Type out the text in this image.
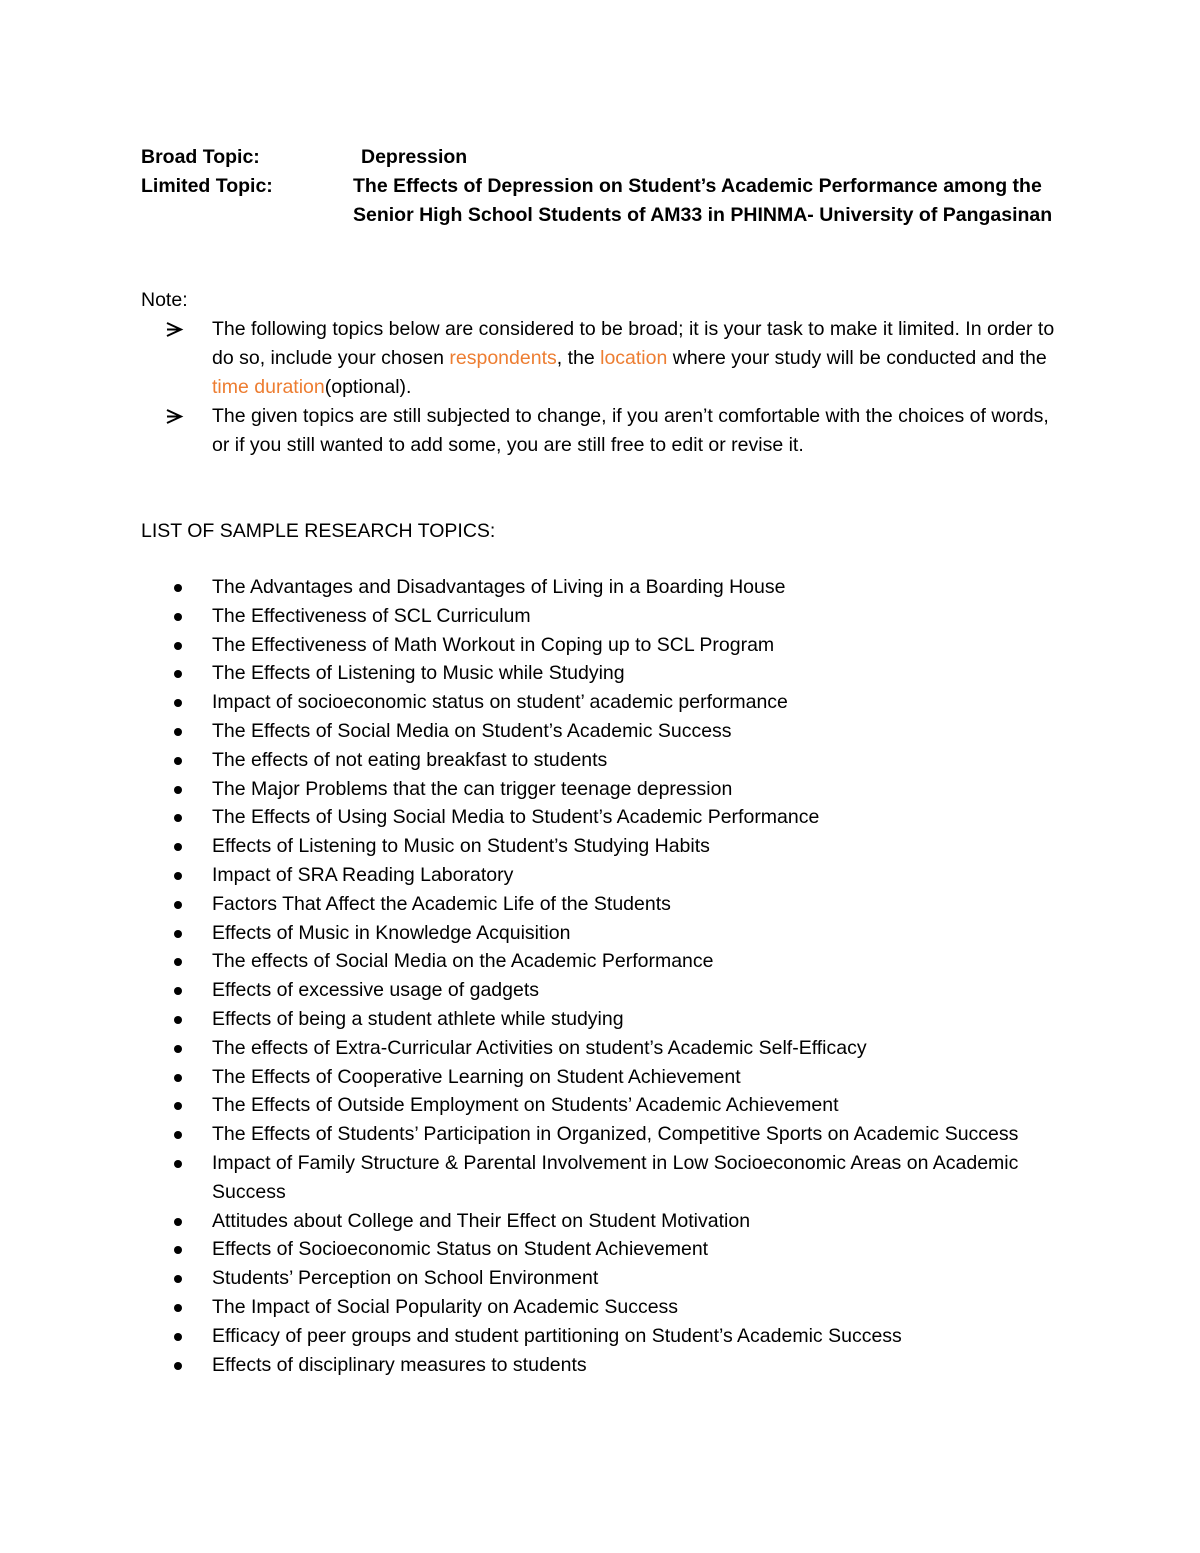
Broad Topic:	Depression
Limited Topic:	The Effects of Depression on Student’s Academic Performance among the Senior High School Students of AM33 in PHINMA- University of Pangasinan
Note:
The following topics below are considered to be broad; it is your task to make it limited. In order to do so, include your chosen respondents, the location where your study will be conducted and the time duration(optional).
The given topics are still subjected to change, if you aren’t comfortable with the choices of words, or if you still wanted to add some, you are still free to edit or revise it.
LIST OF SAMPLE RESEARCH TOPICS:
The Advantages and Disadvantages of Living in a Boarding House
The Effectiveness of SCL Curriculum
The Effectiveness of Math Workout in Coping up to SCL Program
The Effects of Listening to Music while Studying
Impact of socioeconomic status on student’ academic performance
The Effects of Social Media on Student’s Academic Success
The effects of not eating breakfast to students
The Major Problems that the can trigger teenage depression
The Effects of Using Social Media to Student’s Academic Performance
Effects of Listening to Music on Student’s Studying Habits
Impact of SRA Reading Laboratory
Factors That Affect the Academic Life of the Students
Effects of Music in Knowledge Acquisition
The effects of Social Media on the Academic Performance
Effects of excessive usage of gadgets
Effects of being a student athlete while studying
The effects of Extra-Curricular Activities on student’s Academic Self-Efficacy
The Effects of Cooperative Learning on Student Achievement
The Effects of Outside Employment on Students’ Academic Achievement
The Effects of Students’ Participation in Organized, Competitive Sports on Academic Success
Impact of Family Structure & Parental Involvement in Low Socioeconomic Areas on Academic Success
Attitudes about College and Their Effect on Student Motivation
Effects of Socioeconomic Status on Student Achievement
Students’ Perception on School Environment
The Impact of Social Popularity on Academic Success
Efficacy of peer groups and student partitioning on Student’s Academic Success
Effects of disciplinary measures to students
